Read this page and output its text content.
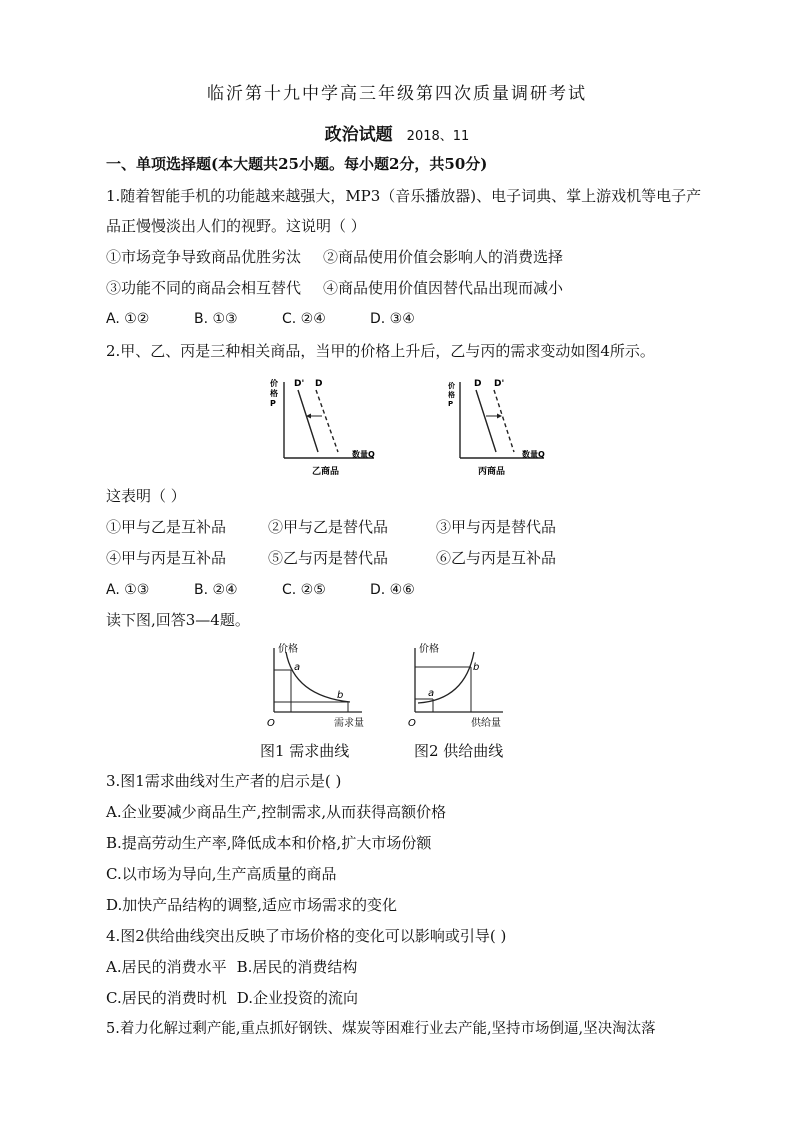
临沂第十九中学高三年级第四次质量调研考试
政治试题 2018、11
一、单项选择题(本大题共25小题。每小题2分，共50分)
1.随着智能手机的功能越来越强大，MP3（音乐播放器)、电子词典、掌上游戏机等电子产
品正慢慢淡出人们的视野。这说明（ ）
①市场竞争导致商品优胜劣汰 ②商品使用价值会影响人的消费选择
③功能不同的商品会相互替代 ④商品使用价值因替代品出现而减小
A. ①②	B. ①③	C. ②④	D. ③④
2.甲、乙、丙是三种相关商品，当甲的价格上升后，乙与丙的需求变动如图4所示。
价
格
P
D' D
数量Q
乙商品
价
格
P
D D'
数量Q
丙商品
这表明（ ）
①甲与乙是互补品	②甲与乙是替代品	③甲与丙是替代品
④甲与丙是互补品	⑤乙与丙是替代品	⑥乙与丙是互补品
A. ①③	B. ②④	C. ②⑤	D. ④⑥
读下图,回答3—4题。
价格
O
a
b
需求量
价格
O
a
b
供给量
图1 需求曲线	图2 供给曲线
3.图1需求曲线对生产者的启示是( )
A.企业要减少商品生产,控制需求,从而获得高额价格
B.提高劳动生产率,降低成本和价格,扩大市场份额
C.以市场为导向,生产高质量的商品
D.加快产品结构的调整,适应市场需求的变化
4.图2供给曲线突出反映了市场价格的变化可以影响或引导( )
A.居民的消费水平 B.居民的消费结构
C.居民的消费时机 D.企业投资的流向
5.着力化解过剩产能,重点抓好钢铁、煤炭等困难行业去产能,坚持市场倒逼,坚决淘汰落
